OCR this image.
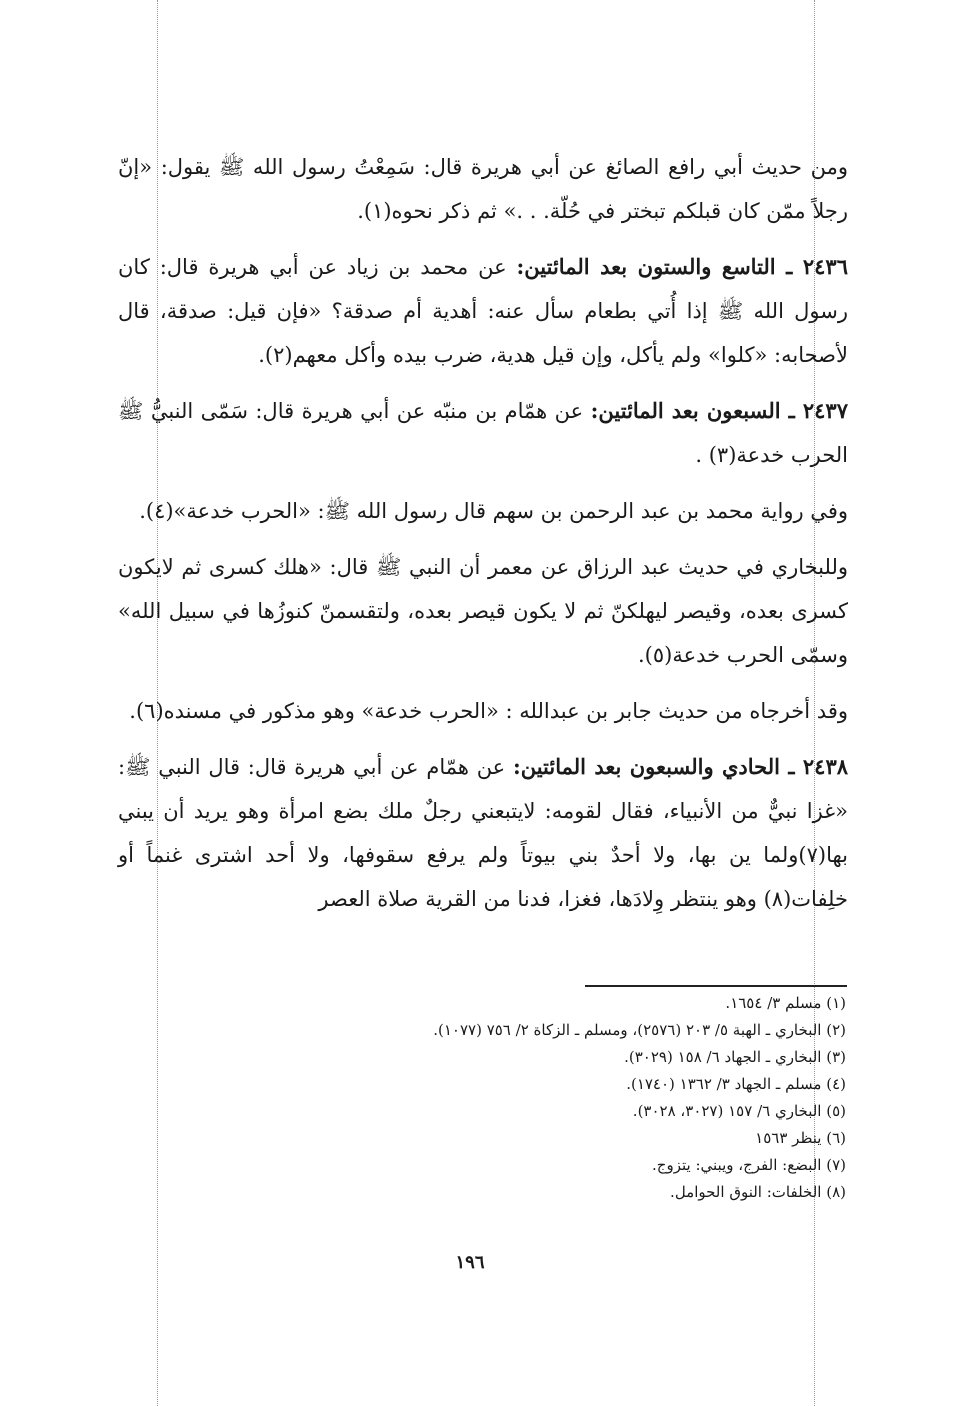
ومن حديث أبي رافع الصائغ عن أبي هريرة قال: سَمِعْتُ رسول الله ﷺ يقول: «إنّ رجلاً ممّن كان قبلكم تبختر في حُلّة. . .» ثم ذكر نحوه(١).

٢٤٣٦ ـ التاسع والستون بعد المائتين: عن محمد بن زياد عن أبي هريرة قال: كان رسول الله ﷺ إذا أُتي بطعام سأل عنه: أهدية أم صدقة؟ «فإن قيل: صدقة، قال لأصحابه: «كلوا» ولم يأكل، وإن قيل هدية، ضرب بيده وأكل معهم(٢).

٢٤٣٧ ـ السبعون بعد المائتين: عن همّام بن منبّه عن أبي هريرة قال: سَمّى النبيُّ ﷺ الحرب خدعة(٣) .

وفي رواية محمد بن عبد الرحمن بن سهم قال رسول الله ﷺ: «الحرب خدعة»(٤).

وللبخاري في حديث عبد الرزاق عن معمر أن النبي ﷺ قال: «هلك كسرى ثم لايكون كسرى بعده، وقيصر ليهلكنّ ثم لا يكون قيصر بعده، ولتقسمنّ كنوزُها في سبيل الله» وسمّى الحرب خدعة(٥).

وقد أخرجاه من حديث جابر بن عبدالله : «الحرب خدعة» وهو مذكور في مسنده(٦).

٢٤٣٨ ـ الحادي والسبعون بعد المائتين: عن همّام عن أبي هريرة قال: قال النبي ﷺ: «غزا نبيٌّ من الأنبياء، فقال لقومه: لايتبعني رجلٌ ملك بضع امرأة وهو يريد أن يبني بها(٧)ولما ين بها، ولا أحدٌ بني بيوتاً ولم يرفع سقوفها، ولا أحد اشترى غنماً أو خلِفات(٨) وهو ينتظر وِلادَها، فغزا، فدنا من القرية صلاة العصر

(١) مسلم ٣/ ١٦٥٤.
(٢) البخاري ـ الهبة ٥/ ٢٠٣ (٢٥٧٦)، ومسلم ـ الزكاة ٢/ ٧٥٦ (١٠٧٧).
(٣) البخاري ـ الجهاد ٦/ ١٥٨ (٣٠٢٩).
(٤) مسلم ـ الجهاد ٣/ ١٣٦٢ (١٧٤٠).
(٥) البخاري ٦/ ١٥٧ (٣٠٢٧، ٣٠٢٨).
(٦) ينظر ١٥٦٣
(٧) البضع: الفرج، ويبني: يتزوج.
(٨) الخلفات: النوق الحوامل.
١٩٦
